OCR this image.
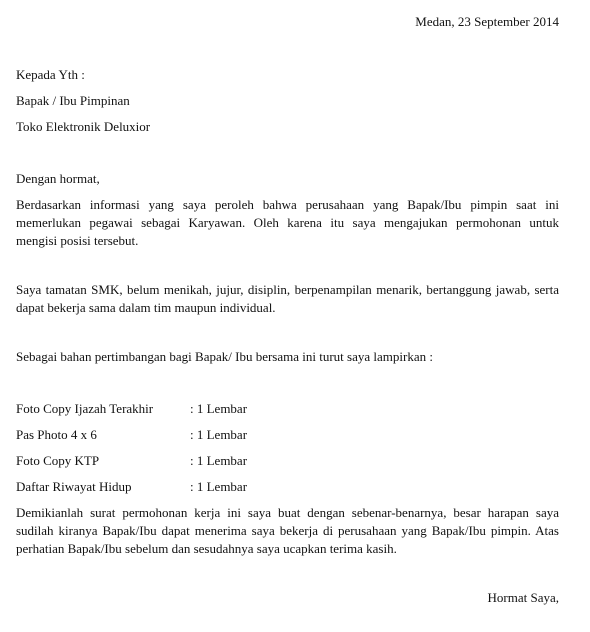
Medan, 23 September 2014
Kepada Yth :
Bapak / Ibu Pimpinan
Toko Elektronik Deluxior
Dengan hormat,
Berdasarkan informasi yang saya peroleh bahwa perusahaan yang Bapak/Ibu pimpin saat ini
memerlukan pegawai sebagai Karyawan. Oleh karena itu saya mengajukan permohonan untuk
mengisi posisi tersebut.
Saya tamatan SMK, belum menikah, jujur, disiplin, berpenampilan menarik, bertanggung jawab, serta
dapat bekerja sama dalam tim maupun individual.
Sebagai bahan pertimbangan bagi Bapak/ Ibu bersama ini turut saya lampirkan :
Foto Copy Ijazah Terakhir	: 1 Lembar
Pas Photo 4 x 6	: 1 Lembar
Foto Copy KTP	: 1 Lembar
Daftar Riwayat Hidup	: 1 Lembar
Demikianlah surat permohonan kerja ini saya buat dengan sebenar-benarnya, besar harapan saya
sudilah kiranya Bapak/Ibu dapat menerima saya bekerja di perusahaan yang Bapak/Ibu pimpin. Atas
perhatian Bapak/Ibu sebelum dan sesudahnya saya ucapkan terima kasih.
Hormat Saya,
